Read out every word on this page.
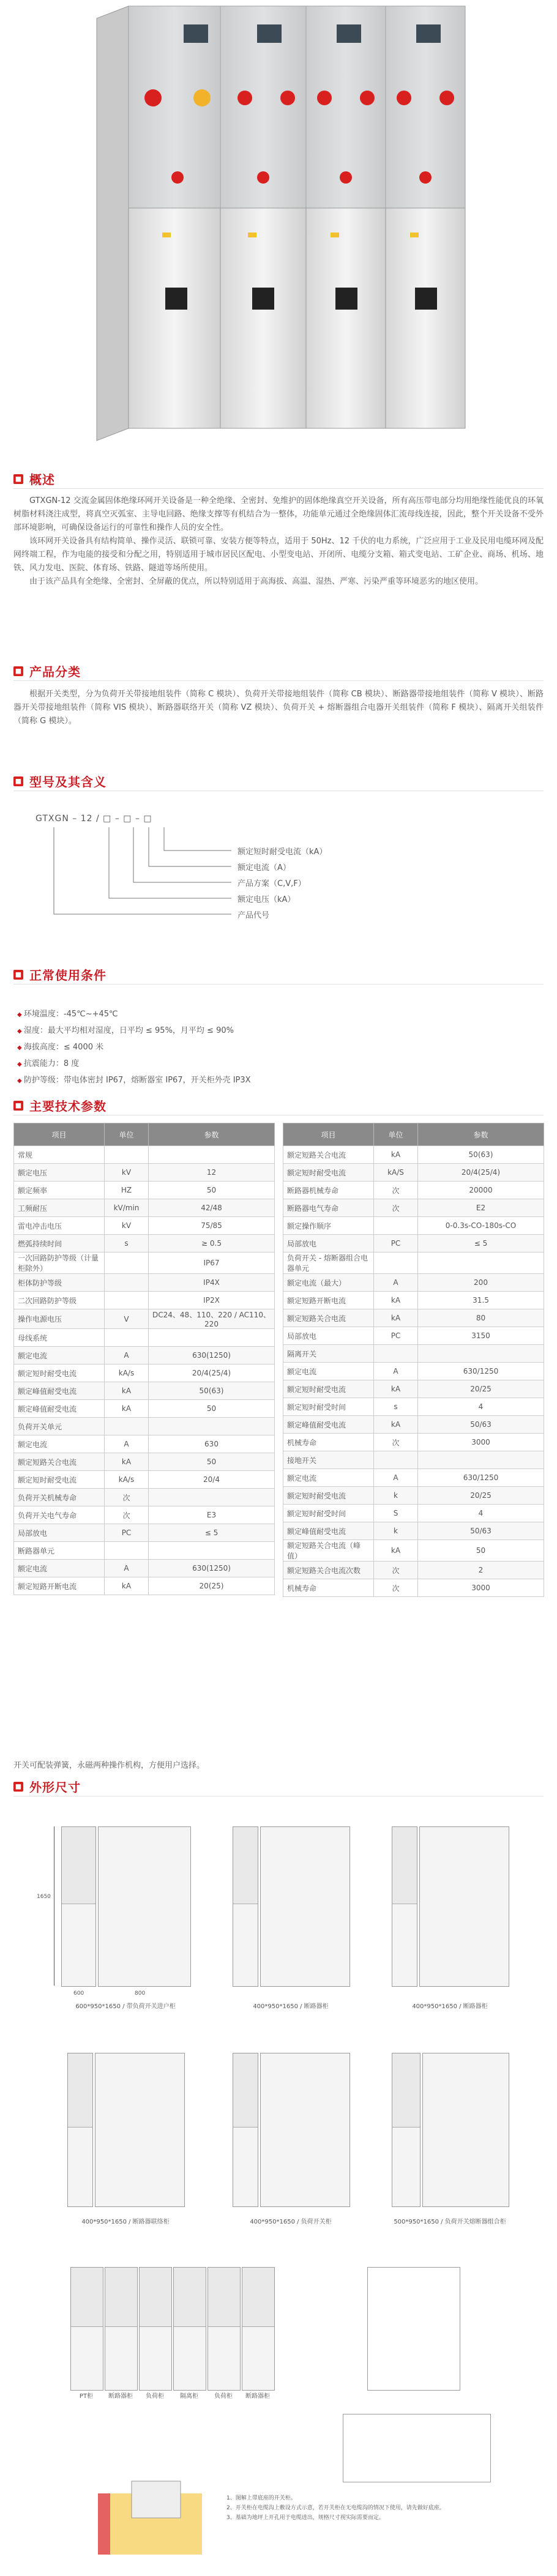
■ 概述

GTXGN-12 交流金属固体绝缘环网开关设备是一种全绝缘、全密封、免维护的固体绝缘真空开关设备，所有高压带电部分均用绝缘性能优良的环氧树脂材料浇注成型，将真空灭弧室、主导电回路、绝缘支撑等有机结合为一整体，功能单元通过全绝缘固体汇流母线连接，因此，整个开关设备不受外部环境影响，可确保设备运行的可靠性和操作人员的安全性。

该环网开关设备具有结构简单、操作灵活、联锁可靠、安装方便等特点，适用于 50Hz、12 千伏的电力系统，广泛应用于工业及民用电缆环网及配网终端工程，作为电能的接受和分配之用，特别适用于城市居民区配电、小型变电站、开闭所、电缆分支箱、箱式变电站、工矿企业、商场、机场、地铁、风力发电、医院、体育场、铁路、隧道等场所使用。

由于该产品具有全绝缘、全密封、全屏蔽的优点，所以特别适用于高海拔、高温、湿热、严寒、污染严重等环境恶劣的地区使用。

■ 产品分类

根据开关类型，分为负荷开关带接地组装件（简称 C 模块）、负荷开关带接地组装件（简称 CB 模块）、断路器带接地组装件（简称 V 模块）、断路器开关带接地组装件（简称 VIS 模块）、断路器联络开关（简称 VZ 模块）、负荷开关 + 熔断器组合电器开关组装件（简称 F 模块）、隔离开关组装件（简称 G 模块）。

■ 型号及其含义
GTXGN – 12 / □ – □ – □
额定短时耐受电流（kA）
额定电流（A）
产品方案（C,V,F）
额定电压（kA）
产品代号
■ 正常使用条件
◆ 环境温度：-45℃~+45℃
◆ 湿度：最大平均相对湿度，日平均 ≤ 95%，月平均 ≤ 90%
◆ 海拔高度：≤ 4000 米
◆ 抗震能力：8 度
◆ 防护等级：带电体密封 IP67，熔断器室 IP67，开关柜外壳 IP3X
■ 主要技术参数
项目	单位	参数
常规		
额定电压	kV	12
额定频率	HZ	50
工频耐压	kV/min	42/48
雷电冲击电压	kV	75/85
燃弧持续时间	s	≥ 0.5
一次回路防护等级（计量柜除外）		IP67
柜体防护等级		IP4X
二次回路防护等级		IP2X
操作电源电压	V	DC24、48、110、220 / AC110、220
母线系统		
额定电流	A	630(1250)
额定短时耐受电流	kA/s	20/4(25/4)
额定峰值耐受电流	kA	50(63)
额定峰值耐受电流	kA	50
负荷开关单元		
额定电流	A	630
额定短路关合电流	kA	50
额定短时耐受电流	kA/s	20/4
负荷开关机械寿命	次	
负荷开关电气寿命	次	E3
局部放电	PC	≤ 5
断路器单元		
额定电流	A	630(1250)
额定短路开断电流	kA	20(25)
项目	单位	参数
额定短路关合电流	kA	50(63)
额定短时耐受电流	kA/S	20/4(25/4)
断路器机械寿命	次	20000
断路器电气寿命	次	E2
额定操作顺序		0-0.3s-CO-180s-CO
局部放电	PC	≤ 5
负荷开关 - 熔断器组合电器单元		
额定电流（最大）	A	200
额定短路开断电流	kA	31.5
额定短路关合电流	kA	80
局部放电	PC	3150
隔离开关		
额定电流	A	630/1250
额定短时耐受电流	kA	20/25
额定短时耐受时间	s	4
额定峰值耐受电流	kA	50/63
机械寿命	次	3000
接地开关		
额定电流	A	630/1250
额定短时耐受电流	k	20/25
额定短时耐受时间	S	4
额定峰值耐受电流	k	50/63
额定短路关合电流（峰值）	kA	50
额定短路关合电流次数	次	2
机械寿命	次	3000
开关可配装弹簧，永磁两种操作机构，方便用户选择。
■ 外形尺寸
1650
600	800
600*950*1650 / 带负荷开关进户柜	400*950*1650 / 断路器柜	400*950*1650 / 断路器柜
400*950*1650 / 断路器联络柜	400*950*1650 / 负荷开关柜	500*950*1650 / 负荷开关熔断器组合柜
PT柜	断路器柜	负荷柜	隔离柜	负荷柜	断路器柜
1、图解上带底座的开关柜。
2、开关柜在电缆沟上敷设方式示意，若开关柜在无电缆沟的情况下使用，请先做好底座。
3、基础为地坪上开孔用于电缆进出，规格尺寸视实际需要而定。
